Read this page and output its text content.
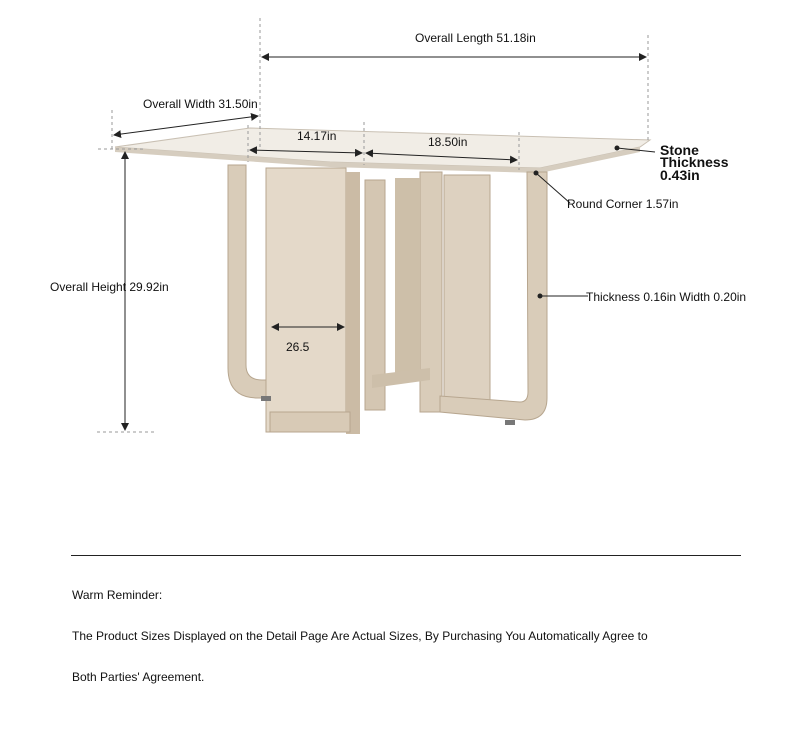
Overall Length 51.18in
Overall Width 31.50in
14.17in	18.50in	Stone
Thickness
0.43in
Round Corner 1.57in
Overall Height 29.92in
Thickness 0.16in Width 0.20in
26.5
Warm Reminder:
The Product Sizes Displayed on the Detail Page Are Actual Sizes, By Purchasing You Automatically Agree to
Both Parties' Agreement.
